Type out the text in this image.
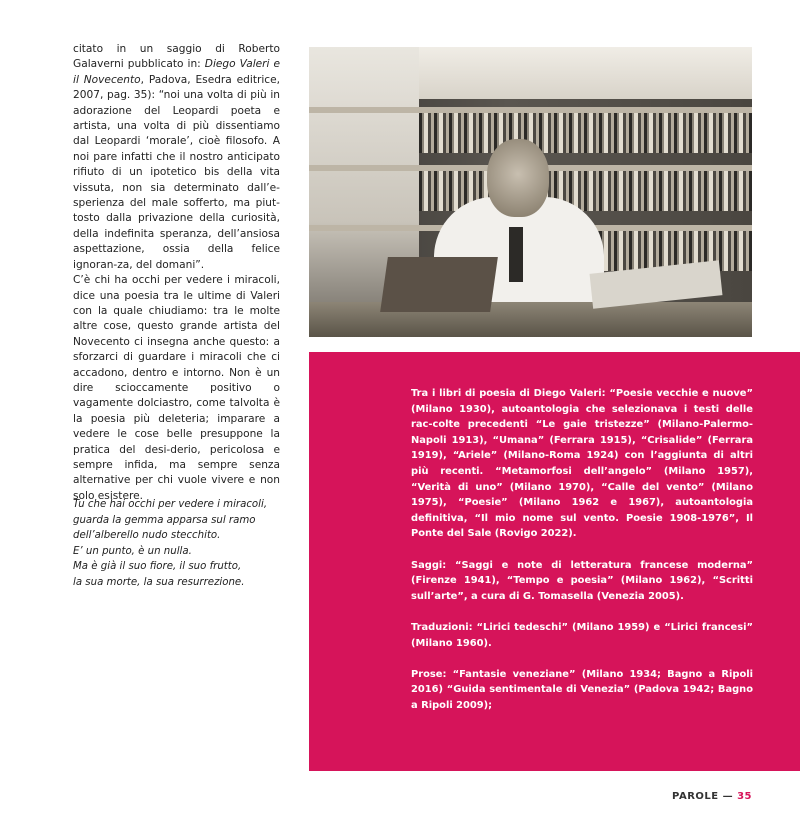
citato in un saggio di Roberto Galaverni pubblicato in: Diego Valeri e il Novecento, Padova, Esedra editrice, 2007, pag. 35): “noi una volta di più in adorazione del Leopardi poeta e artista, una volta di più dissentiamo dal Leopardi ‘morale’, cioè filosofo. A noi pare infatti che il nostro anticipato rifiuto di un ipotetico bis della vita vissuta, non sia determinato dall’e-sperienza del male sofferto, ma piut-tosto dalla privazione della curiosità, della indefinita speranza, dell’ansiosa aspettazione, ossia della felice ignoran-za, del domani”.

C’è chi ha occhi per vedere i miracoli, dice una poesia tra le ultime di Valeri con la quale chiudiamo: tra le molte altre cose, questo grande artista del Novecento ci insegna anche questo: a sforzarci di guardare i miracoli che ci accadono, dentro e intorno. Non è un dire scioccamente positivo o vagamente dolciastro, come talvolta è la poesia più deleteria; imparare a vedere le cose belle presuppone la pratica del desi-derio, pericolosa e sempre infida, ma sempre senza alternative per chi vuole vivere e non solo esistere.

Tu che hai occhi per vedere i miracoli,
guarda la gemma apparsa sul ramo
dell’alberello nudo stecchito.
E’ un punto, è un nulla.
Ma è già il suo fiore, il suo frutto,
la sua morte, la sua resurrezione.

Tra i libri di poesia di Diego Valeri: “Poesie vecchie e nuove” (Milano 1930), autoantologia che selezionava i testi delle rac-colte precedenti “Le gaie tristezze” (Milano-Palermo-Napoli 1913), “Umana” (Ferrara 1915), “Crisalide” (Ferrara 1919), “Ariele” (Milano-Roma 1924) con l’aggiunta di altri più recenti. “Metamorfosi dell’angelo” (Milano 1957), “Verità di uno” (Milano 1970), “Calle del vento” (Milano 1975), “Poesie” (Milano 1962 e 1967), autoantologia definitiva, “Il mio nome sul vento. Poesie 1908-1976”, Il Ponte del Sale (Rovigo 2022).

Saggi: “Saggi e note di letteratura francese moderna” (Firenze 1941), “Tempo e poesia” (Milano 1962), “Scritti sull’arte”, a cura di G. Tomasella (Venezia 2005).

Traduzioni: “Lirici tedeschi” (Milano 1959) e “Lirici francesi” (Milano 1960).

Prose: “Fantasie veneziane” (Milano 1934; Bagno a Ripoli 2016) “Guida sentimentale di Venezia” (Padova 1942; Bagno a Ripoli 2009);

PAROLE — 35
